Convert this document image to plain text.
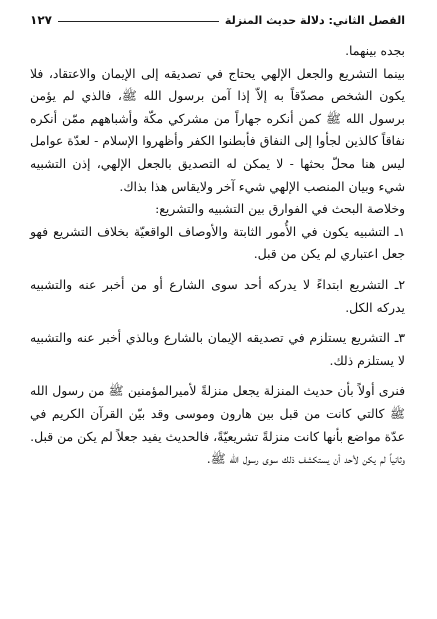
الفصل الثاني: دلالة حديث المنزلة
١٢٧

بجده بينهما.

بينما التشريع والجعل الإلهي يحتاج في تصديقه إلى الإيمان والاعتقاد، فلا يكون الشخص مصدّقاً به إلاّ إذا آمن برسول الله ﷺ، فالذي لم يؤمن برسول الله ﷺ كمن أنكره جهاراً من مشركي مكّة وأشباههم ممّن أنكره نفاقاً كالذين لجأوا إلى النفاق فأبطنوا الكفر وأظهروا الإسلام - لعدّة عوامل ليس هنا محلّ بحثها - لا يمكن له التصديق بالجعل الإلهي، إذن التشبيه شيء وبيان المنصب الإلهي شيء آخر ولايقاس هذا بذاك.

وخلاصة البحث في الفوارق بين التشبيه والتشريع:

١ـ التشبيه يكون في الأُمور الثابتة والأوصاف الواقعيّة بخلاف التشريع فهو جعل اعتباري لم يكن من قبل.

٢ـ التشريع ابتداءً لا يدركه أحد سوى الشارع أو من أخبر عنه والتشبيه يدركه الكل.

٣ـ التشريع يستلزم في تصديقه الإيمان بالشارع وبالذي أخبر عنه والتشبيه لا يستلزم ذلك.

فنرى أولاً بأن حديث المنزلة يجعل منزلةً لأميرالمؤمنين ﷺ من رسول الله ﷺ كالتي كانت من قبل بين هارون وموسى وقد بيّن القرآن الكريم في عدّة مواضع بأنها كانت منزلةً تشريعيّةً، فالحديث يفيد جعلاً لم يكن من قبل.

وثانياً لم يكن لأحد أن يستكشف ذلك سوى رسول الله ﷺ.
